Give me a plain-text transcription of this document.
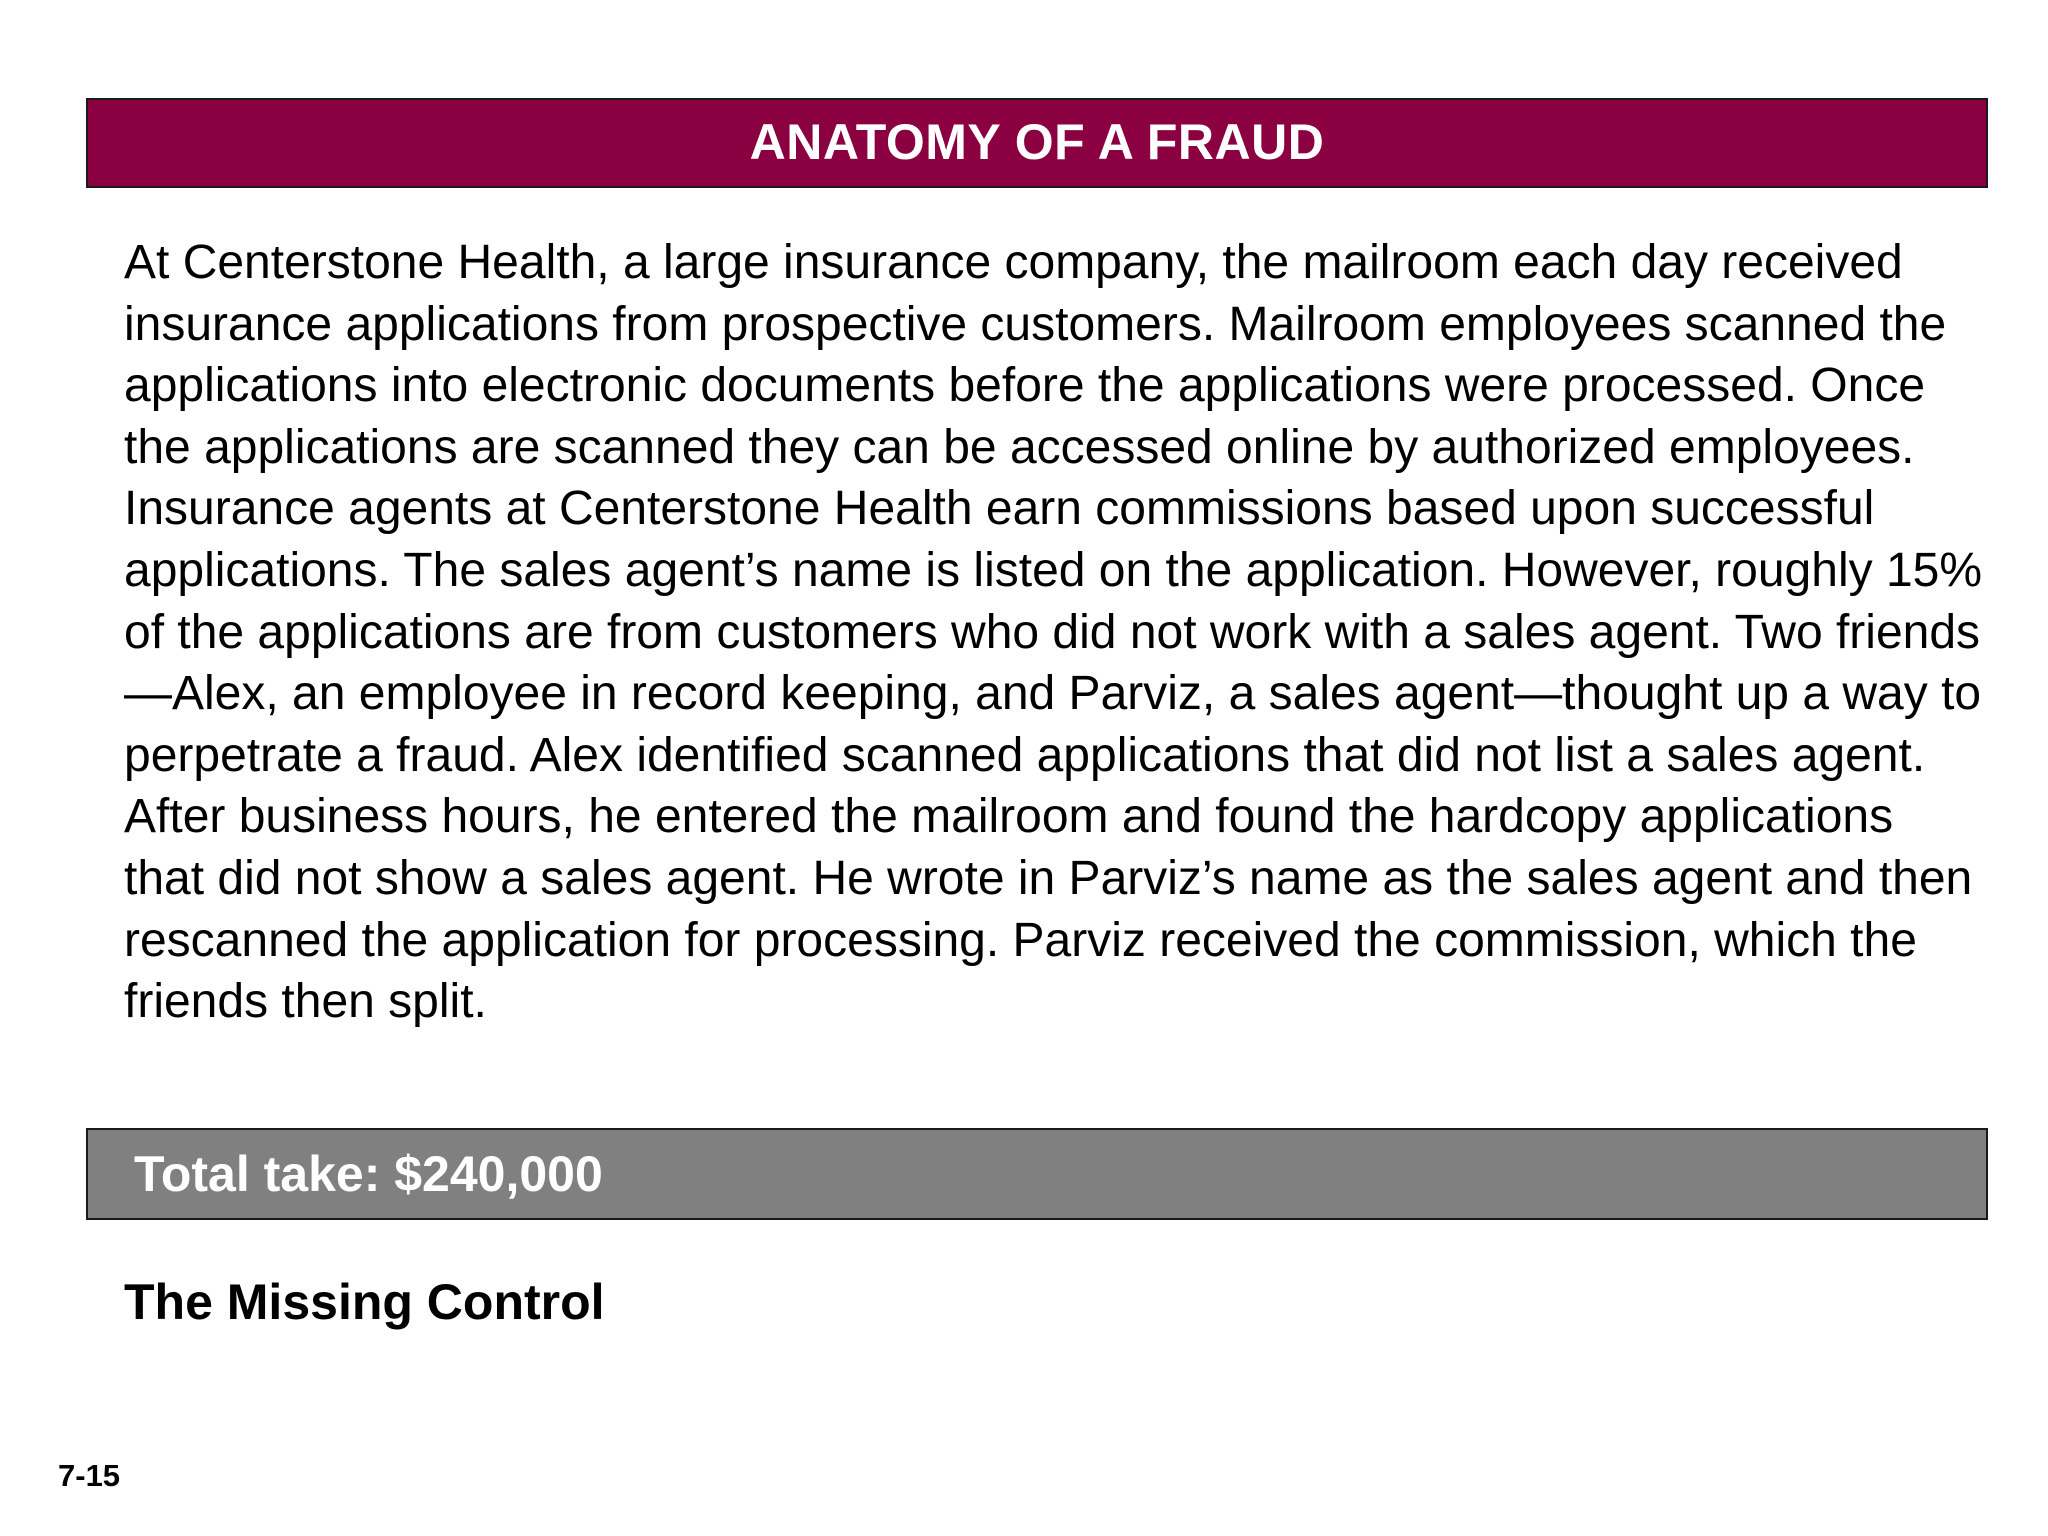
ANATOMY OF A FRAUD

At Centerstone Health, a large insurance company, the mailroom each day received insurance applications from prospective customers. Mailroom employees scanned the applications into electronic documents before the applications were processed. Once the applications are scanned they can be accessed online by authorized employees. Insurance agents at Centerstone Health earn commissions based upon successful applications. The sales agent’s name is listed on the application. However, roughly 15% of the applications are from customers who did not work with a sales agent. Two friends—Alex, an employee in record keeping, and Parviz, a sales agent—thought up a way to perpetrate a fraud. Alex identified scanned applications that did not list a sales agent. After business hours, he entered the mailroom and found the hardcopy applications that did not show a sales agent. He wrote in Parviz’s name as the sales agent and then rescanned the application for processing. Parviz received the commission, which the friends then split.

Total take: $240,000
The Missing Control
7-15
